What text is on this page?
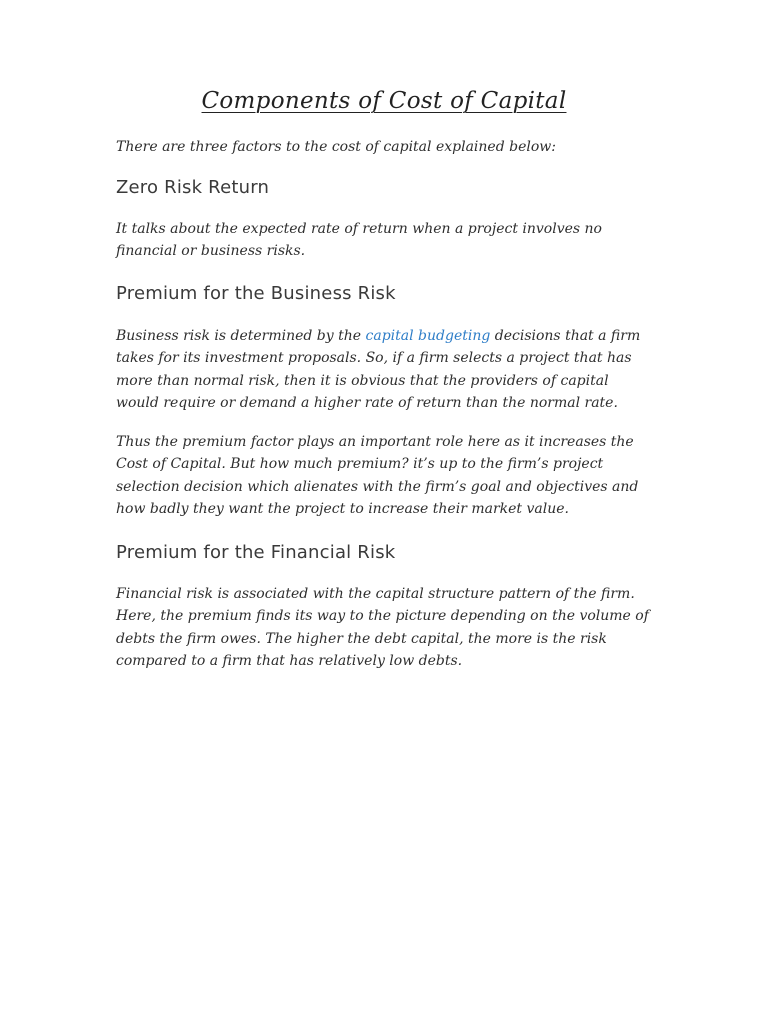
Components of Cost of Capital

There are three factors to the cost of capital explained below:

Zero Risk Return

It talks about the expected rate of return when a project involves no financial or business risks.

Premium for the Business Risk

Business risk is determined by the capital budgeting decisions that a firm takes for its investment proposals. So, if a firm selects a project that has more than normal risk, then it is obvious that the providers of capital would require or demand a higher rate of return than the normal rate.

Thus the premium factor plays an important role here as it increases the Cost of Capital. But how much premium? it’s up to the firm’s project selection decision which alienates with the firm’s goal and objectives and how badly they want the project to increase their market value.

Premium for the Financial Risk

Financial risk is associated with the capital structure pattern of the firm. Here, the premium finds its way to the picture depending on the volume of debts the firm owes. The higher the debt capital, the more is the risk compared to a firm that has relatively low debts.
